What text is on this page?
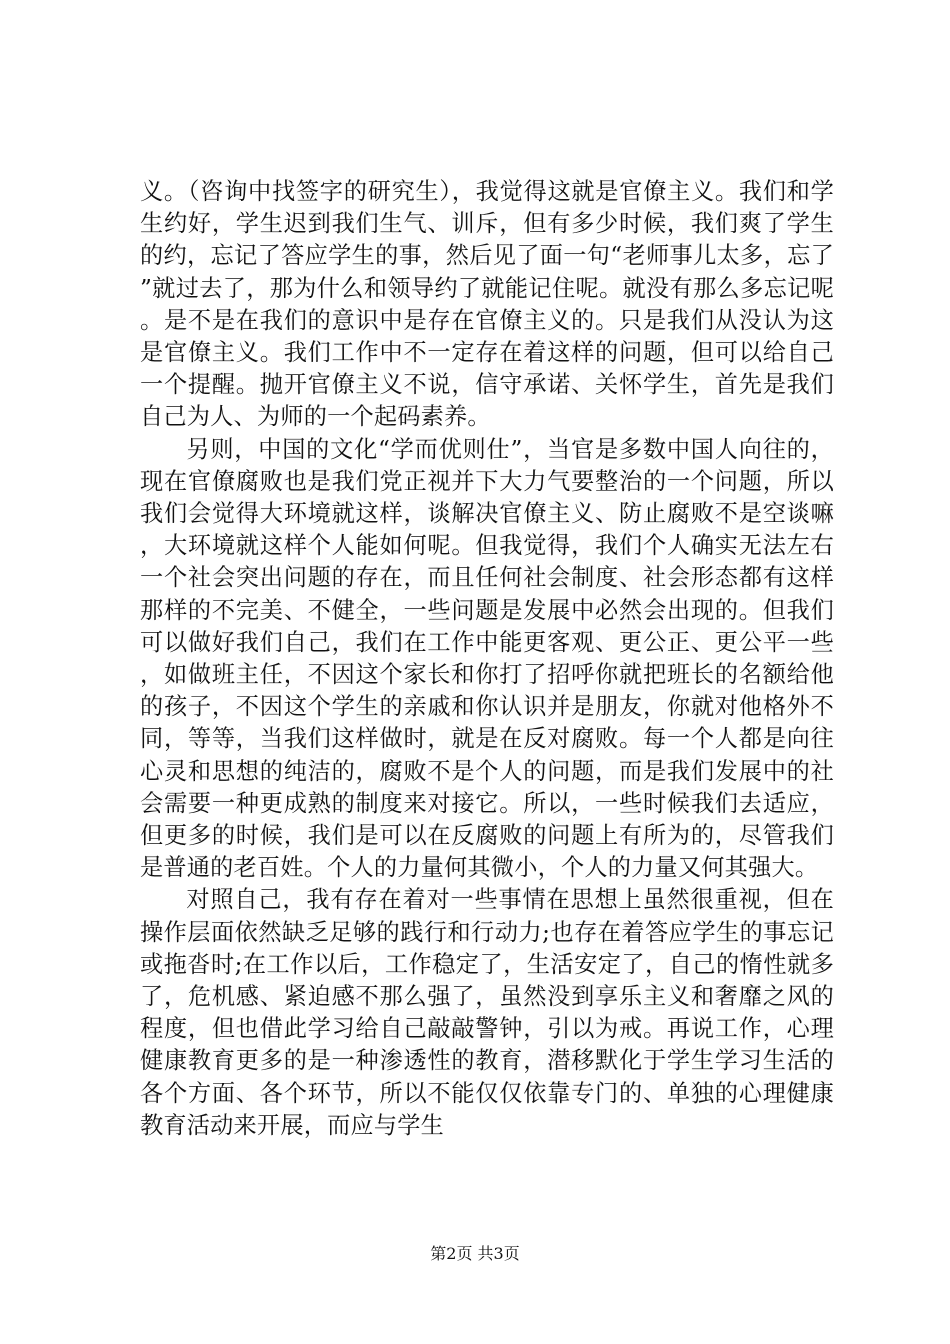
义。（咨询中找签字的研究生），我觉得这就是官僚主义。我们和学生约好，学生迟到我们生气、训斥，但有多少时候，我们爽了学生的约，忘记了答应学生的事，然后见了面一句“老师事儿太多，忘了”就过去了，那为什么和领导约了就能记住呢。就没有那么多忘记呢。是不是在我们的意识中是存在官僚主义的。只是我们从没认为这是官僚主义。我们工作中不一定存在着这样的问题，但可以给自己一个提醒。抛开官僚主义不说，信守承诺、关怀学生，首先是我们自己为人、为师的一个起码素养。

另则，中国的文化“学而优则仕”，当官是多数中国人向往的，现在官僚腐败也是我们党正视并下大力气要整治的一个问题，所以我们会觉得大环境就这样，谈解决官僚主义、防止腐败不是空谈嘛，大环境就这样个人能如何呢。但我觉得，我们个人确实无法左右一个社会突出问题的存在，而且任何社会制度、社会形态都有这样那样的不完美、不健全，一些问题是发展中必然会出现的。但我们可以做好我们自己，我们在工作中能更客观、更公正、更公平一些，如做班主任，不因这个家长和你打了招呼你就把班长的名额给他的孩子，不因这个学生的亲戚和你认识并是朋友，你就对他格外不同，等等，当我们这样做时，就是在反对腐败。每一个人都是向往心灵和思想的纯洁的，腐败不是个人的问题，而是我们发展中的社会需要一种更成熟的制度来对接它。所以，一些时候我们去适应，但更多的时候，我们是可以在反腐败的问题上有所为的，尽管我们是普通的老百姓。个人的力量何其微小，个人的力量又何其强大。

对照自己，我有存在着对一些事情在思想上虽然很重视，但在操作层面依然缺乏足够的践行和行动力;也存在着答应学生的事忘记或拖沓时;在工作以后，工作稳定了，生活安定了，自己的惰性就多了，危机感、紧迫感不那么强了，虽然没到享乐主义和奢靡之风的程度，但也借此学习给自己敲敲警钟，引以为戒。再说工作，心理健康教育更多的是一种渗透性的教育，潜移默化于学生学习生活的各个方面、各个环节，所以不能仅仅依靠专门的、单独的心理健康教育活动来开展，而应与学生

第2页 共3页
